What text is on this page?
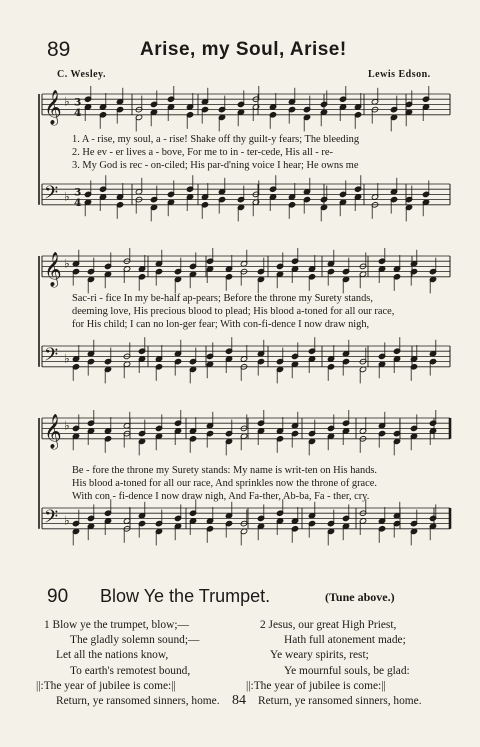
89	Arise, my Soul, Arise!
C. Wesley.	Lewis Edson.
𝄞 ♭ 3
4
𝄢 ♭ 3
4
1. A - rise, my soul, a - rise! Shake off thy guilt-y fears; The bleeding
2. He ev - er lives a - bove, For me to in - ter-cede, His all - re-
3. My God is rec - on-ciled; His par-d'ning voice I hear; He owns me
𝄞 ♭
𝄢 ♭
Sac-ri - fice In my be-half ap-pears; Before the throne my Surety stands,
deeming love, His precious blood to plead; His blood a-toned for all our race,
for His child; I can no lon-ger fear; With con-fi-dence I now draw nigh,
𝄞 ♭
𝄢 ♭
Be - fore the throne my Surety stands: My name is writ-ten on His hands.
His blood a-toned for all our race, And sprinkles now the throne of grace.
With con - fi-dence I now draw nigh, And Fa-ther, Ab-ba, Fa - ther, cry.
90 Blow Ye the Trumpet.	(Tune above.)
1 Blow ye the trumpet, blow;—
The gladly solemn sound;—
Let all the nations know,
To earth's remotest bound,
||:The year of jubilee is come:||
Return, ye ransomed sinners, home.
2 Jesus, our great High Priest,
Hath full atonement made;
Ye weary spirits, rest;
Ye mournful souls, be glad:
||:The year of jubilee is come:||
Return, ye ransomed sinners, home.
84
